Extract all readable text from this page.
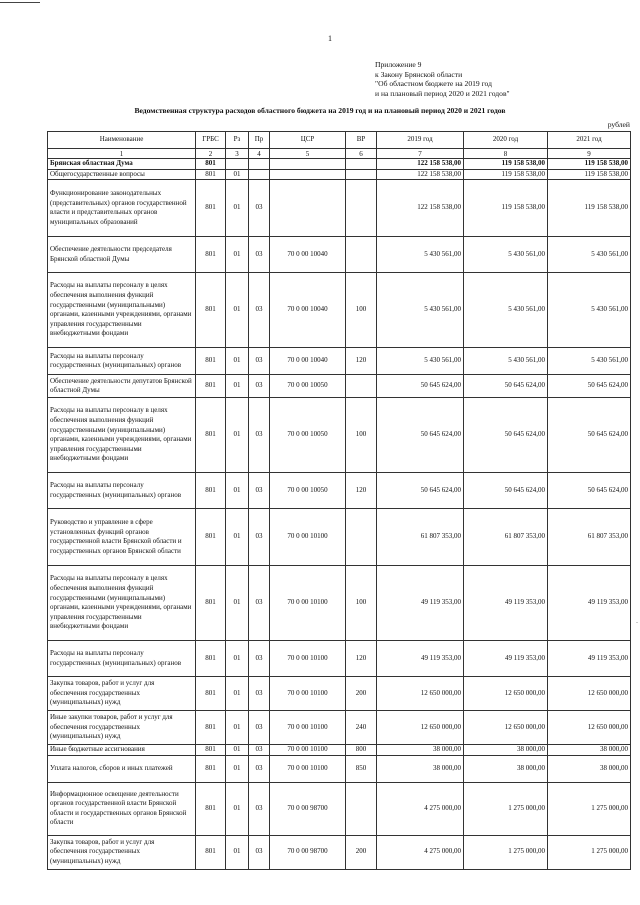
1
Приложение 9
к Закону Брянской области
"Об областном бюджете на 2019 год
и на плановый период 2020 и 2021 годов"
Ведомственная структура расходов областного бюджета на 2019 год и на плановый период 2020 и 2021 годов
рублей
Наименование	ГРБС	Рз	Пр	ЦСР	ВР	2019 год	2020 год	2021 год
1	2	3	4	5	6	7	8	9
Брянская областная Дума	801					122 158 538,00	119 158 538,00	119 158 538,00
Общегосударственные вопросы	801	01				122 158 538,00	119 158 538,00	119 158 538,00
Функционирование законодательных (представительных) органов государственной власти и представительных органов муниципальных образований	801	01	03			122 158 538,00	119 158 538,00	119 158 538,00
Обеспечение деятельности председателя Брянской областной Думы	801	01	03	70 0 00 10040		5 430 561,00	5 430 561,00	5 430 561,00
Расходы на выплаты персоналу в целях обеспечения выполнения функций государственными (муниципальными) органами, казенными учреждениями, органами управления государственными внебюджетными фондами	801	01	03	70 0 00 10040	100	5 430 561,00	5 430 561,00	5 430 561,00
Расходы на выплаты персоналу государственных (муниципальных) органов	801	01	03	70 0 00 10040	120	5 430 561,00	5 430 561,00	5 430 561,00
Обеспечение деятельности депутатов Брянской областной Думы	801	01	03	70 0 00 10050		50 645 624,00	50 645 624,00	50 645 624,00
Расходы на выплаты персоналу в целях обеспечения выполнения функций государственными (муниципальными) органами, казенными учреждениями, органами управления государственными внебюджетными фондами	801	01	03	70 0 00 10050	100	50 645 624,00	50 645 624,00	50 645 624,00
Расходы на выплаты персоналу государственных (муниципальных) органов	801	01	03	70 0 00 10050	120	50 645 624,00	50 645 624,00	50 645 624,00
Руководство и управление в сфере установленных функций органов государственной власти Брянской области и государственных органов Брянской области	801	01	03	70 0 00 10100		61 807 353,00	61 807 353,00	61 807 353,00
Расходы на выплаты персоналу в целях обеспечения выполнения функций государственными (муниципальными) органами, казенными учреждениями, органами управления государственными внебюджетными фондами	801	01	03	70 0 00 10100	100	49 119 353,00	49 119 353,00	49 119 353,00
Расходы на выплаты персоналу государственных (муниципальных) органов	801	01	03	70 0 00 10100	120	49 119 353,00	49 119 353,00	49 119 353,00
Закупка товаров, работ и услуг для обеспечения государственных (муниципальных) нужд	801	01	03	70 0 00 10100	200	12 650 000,00	12 650 000,00	12 650 000,00
Иные закупки товаров, работ и услуг для обеспечения государственных (муниципальных) нужд	801	01	03	70 0 00 10100	240	12 650 000,00	12 650 000,00	12 650 000,00
Иные бюджетные ассигнования	801	01	03	70 0 00 10100	800	38 000,00	38 000,00	38 000,00
Уплата налогов, сборов и иных платежей	801	01	03	70 0 00 10100	850	38 000,00	38 000,00	38 000,00
Информационное освещение деятельности органов государственной власти Брянской области и государственных органов Брянской области	801	01	03	70 0 00 98700		4 275 000,00	1 275 000,00	1 275 000,00
Закупка товаров, работ и услуг для обеспечения государственных (муниципальных) нужд	801	01	03	70 0 00 98700	200	4 275 000,00	1 275 000,00	1 275 000,00
-
